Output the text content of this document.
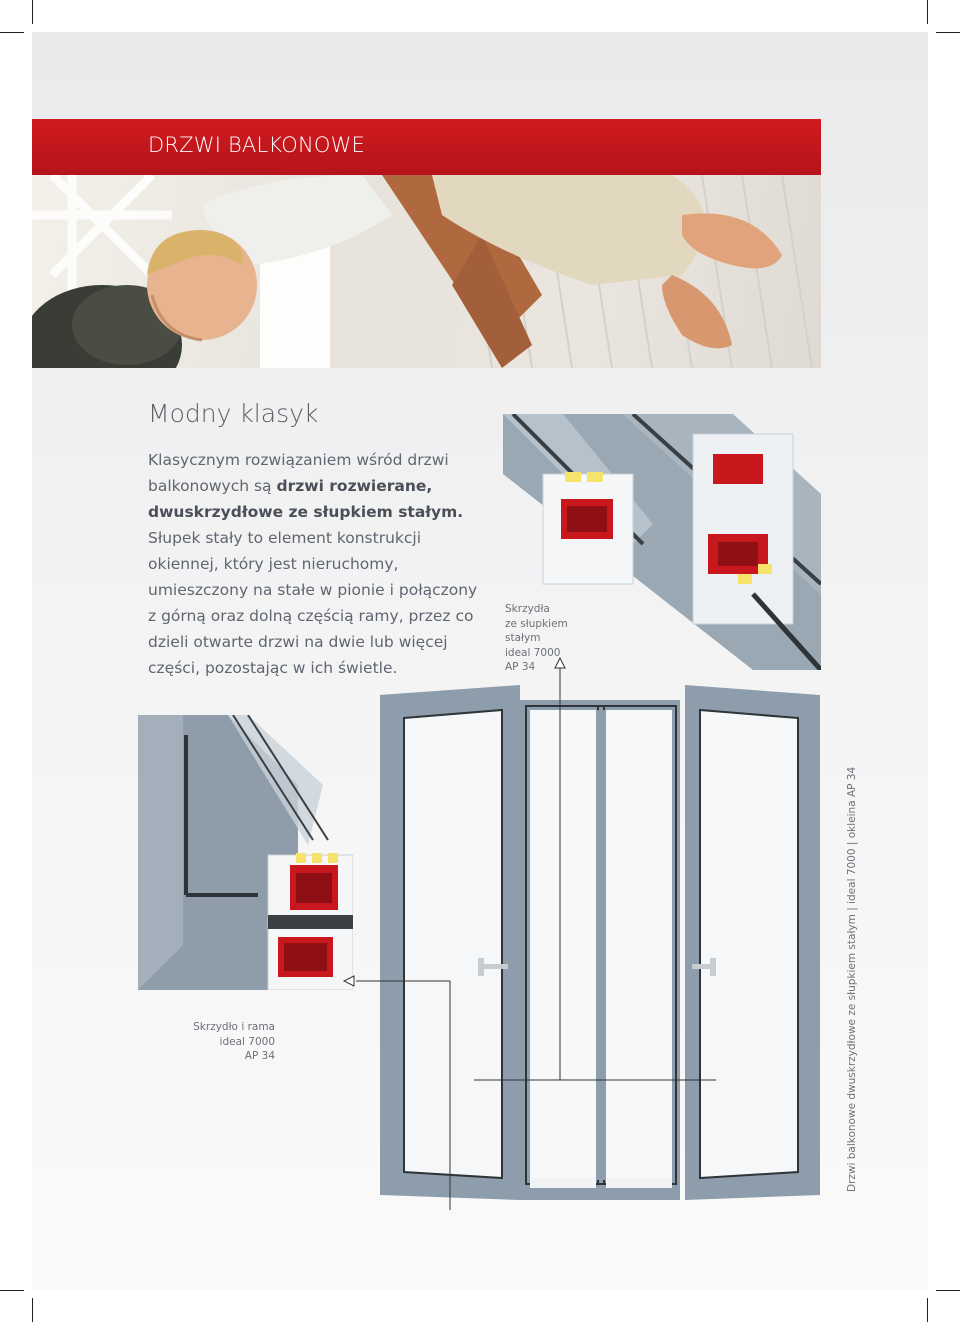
DRZWI BALKONOWE
Modny klasyk
Klasycznym rozwiązaniem wśród drzwi balkonowych są drzwi rozwierane, dwuskrzydłowe ze słupkiem stałym. Słupek stały to element konstrukcji okiennej, który jest nieruchomy, umieszczony na stałe w pionie i połączony z górną oraz dolną częścią ramy, przez co dzieli otwarte drzwi na dwie lub więcej części, pozostając w ich świetle.
Skrzydła
ze słupkiem
stałym
ideal 7000
AP 34
Skrzydło i rama
ideal 7000
AP 34	Drzwi balkonowe dwuskrzydłowe ze słupkiem stałym | ideal 7000 | okleina AP 34
